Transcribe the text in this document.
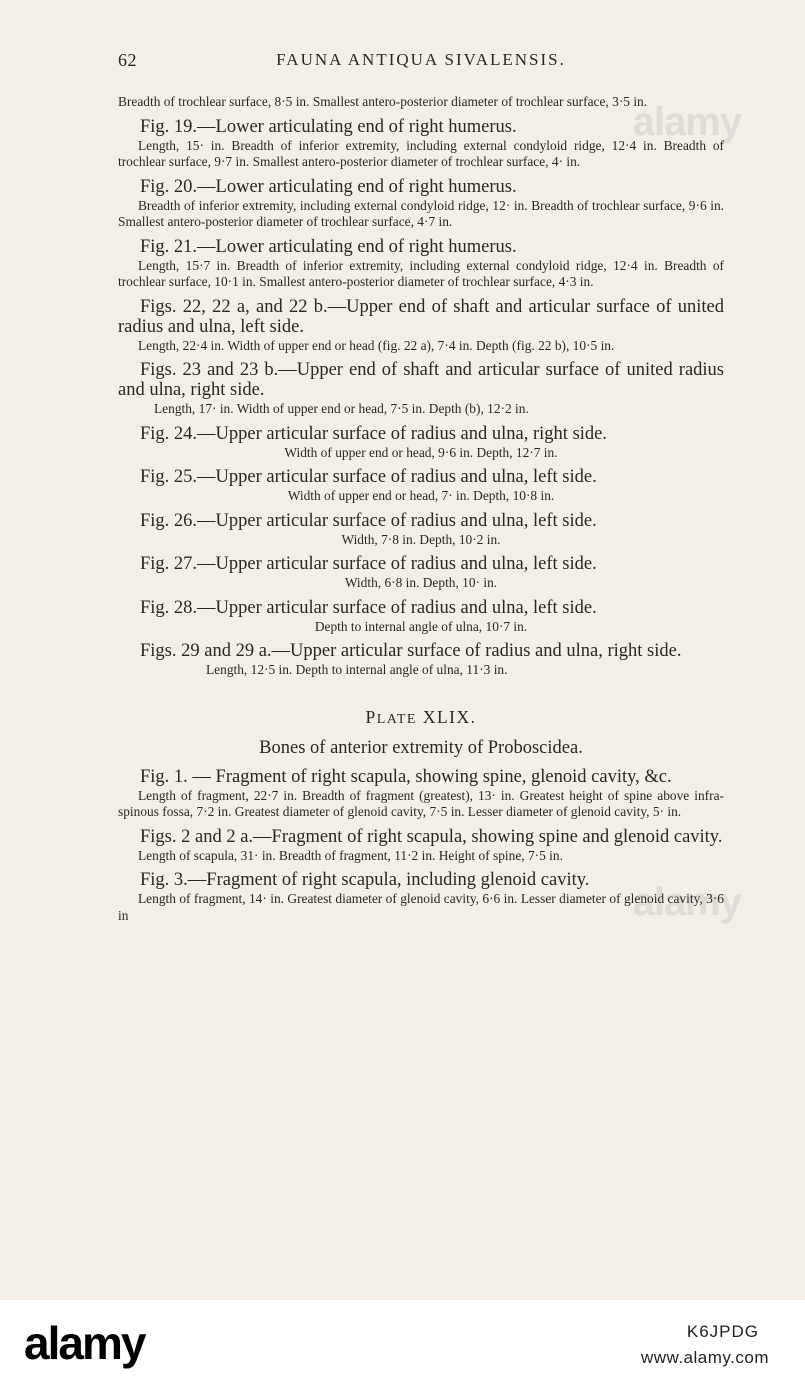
62	FAUNA ANTIQUA SIVALENSIS.
alamy
alamy

Breadth of trochlear surface, 8·5 in. Smallest antero-posterior diameter of trochlear surface, 3·5 in.

Fig. 19.—Lower articulating end of right humerus.

Length, 15· in. Breadth of inferior extremity, including external condyloid ridge, 12·4 in. Breadth of trochlear surface, 9·7 in. Smallest antero-posterior diameter of trochlear surface, 4· in.

Fig. 20.—Lower articulating end of right humerus.

Breadth of inferior extremity, including external condyloid ridge, 12· in. Breadth of trochlear surface, 9·6 in. Smallest antero-posterior diameter of trochlear surface, 4·7 in.

Fig. 21.—Lower articulating end of right humerus.

Length, 15·7 in. Breadth of inferior extremity, including external condyloid ridge, 12·4 in. Breadth of trochlear surface, 10·1 in. Smallest antero-posterior diameter of trochlear surface, 4·3 in.

Figs. 22, 22 a, and 22 b.—Upper end of shaft and articular surface of united radius and ulna, left side.

Length, 22·4 in. Width of upper end or head (fig. 22 a), 7·4 in. Depth (fig. 22 b), 10·5 in.

Figs. 23 and 23 b.—Upper end of shaft and articular surface of united radius and ulna, right side.

Length, 17· in. Width of upper end or head, 7·5 in. Depth (b), 12·2 in.

Fig. 24.—Upper articular surface of radius and ulna, right side.

Width of upper end or head, 9·6 in. Depth, 12·7 in.

Fig. 25.—Upper articular surface of radius and ulna, left side.

Width of upper end or head, 7· in. Depth, 10·8 in.

Fig. 26.—Upper articular surface of radius and ulna, left side.

Width, 7·8 in. Depth, 10·2 in.

Fig. 27.—Upper articular surface of radius and ulna, left side.

Width, 6·8 in. Depth, 10· in.

Fig. 28.—Upper articular surface of radius and ulna, left side.

Depth to internal angle of ulna, 10·7 in.

Figs. 29 and 29 a.—Upper articular surface of radius and ulna, right side.

Length, 12·5 in. Depth to internal angle of ulna, 11·3 in.

PLATE XLIX.

Bones of anterior extremity of Proboscidea.

Fig. 1. — Fragment of right scapula, showing spine, glenoid cavity, &c.

Length of fragment, 22·7 in. Breadth of fragment (greatest), 13· in. Greatest height of spine above infra-spinous fossa, 7·2 in. Greatest diameter of glenoid cavity, 7·5 in. Lesser diameter of glenoid cavity, 5· in.

Figs. 2 and 2 a.—Fragment of right scapula, showing spine and glenoid cavity.

Length of scapula, 31· in. Breadth of fragment, 11·2 in. Height of spine, 7·5 in.

Fig. 3.—Fragment of right scapula, including glenoid cavity.

Length of fragment, 14· in. Greatest diameter of glenoid cavity, 6·6 in. Lesser diameter of glenoid cavity, 3·6 in

alamy	K6JPDG
www.alamy.com
